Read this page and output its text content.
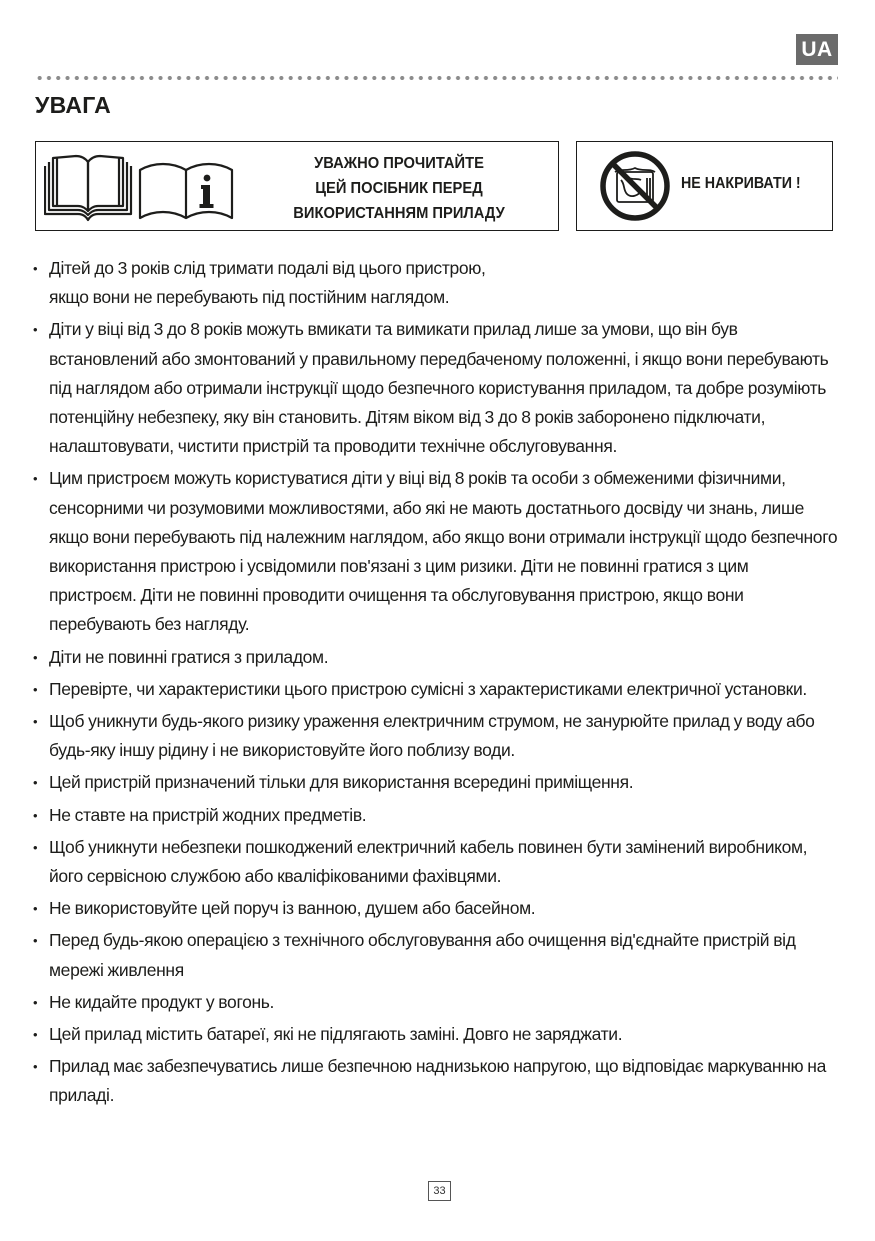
UA
УВАГА
УВАЖНО ПРОЧИТАЙТЕ
ЦЕЙ ПОСІБНИК ПЕРЕД
ВИКОРИСТАННЯМ ПРИЛАДУ
НЕ НАКРИВАТИ !
• Дітей до 3 років слід тримати подалі від цього пристрою,
якщо вони не перебувають під постійним наглядом.
• Діти у віці від 3 до 8 років можуть вмикати та вимикати прилад лише за умови, що він був встановлений або змонтований у правильному передбаченому положенні, і якщо вони перебувають під наглядом або отримали інструкції щодо безпечного користування приладом, та добре розуміють потенційну небезпеку, яку він становить. Дітям віком від 3 до 8 років заборонено підключати, налаштовувати, чистити пристрій та проводити технічне обслуговування.
• Цим пристроєм можуть користуватися діти у віці від 8 років та особи з обмеженими фізичними, сенсорними чи розумовими можливостями, або які не мають достатнього досвіду чи знань, лише якщо вони перебувають під належним наглядом, або якщо вони отримали інструкції щодо безпечного використання пристрою і усвідомили пов'язані з цим ризики. Діти не повинні гратися з цим пристроєм. Діти не повинні проводити очищення та обслуговування пристрою, якщо вони перебувають без нагляду.
• Діти не повинні гратися з приладом.
• Перевірте, чи характеристики цього пристрою сумісні з характеристиками електричної установки.
• Щоб уникнути будь-якого ризику ураження електричним струмом, не занурюйте прилад у воду або будь-яку іншу рідину і не використовуйте його поблизу води.
• Цей пристрій призначений тільки для використання всередині приміщення.
• Не ставте на пристрій жодних предметів.
• Щоб уникнути небезпеки пошкоджений електричний кабель повинен бути замінений виробником, його сервісною службою або кваліфікованими фахівцями.
• Не використовуйте цей поруч із ванною, душем або басейном.
• Перед будь-якою операцією з технічного обслуговування або очищення від'єднайте пристрій від мережі живлення
• Не кидайте продукт у вогонь.
• Цей прилад містить батареї, які не підлягають заміні. Довго не заряджати.
• Прилад має забезпечуватись лише безпечною наднизькою напругою, що відповідає маркуванню на приладі.
33
